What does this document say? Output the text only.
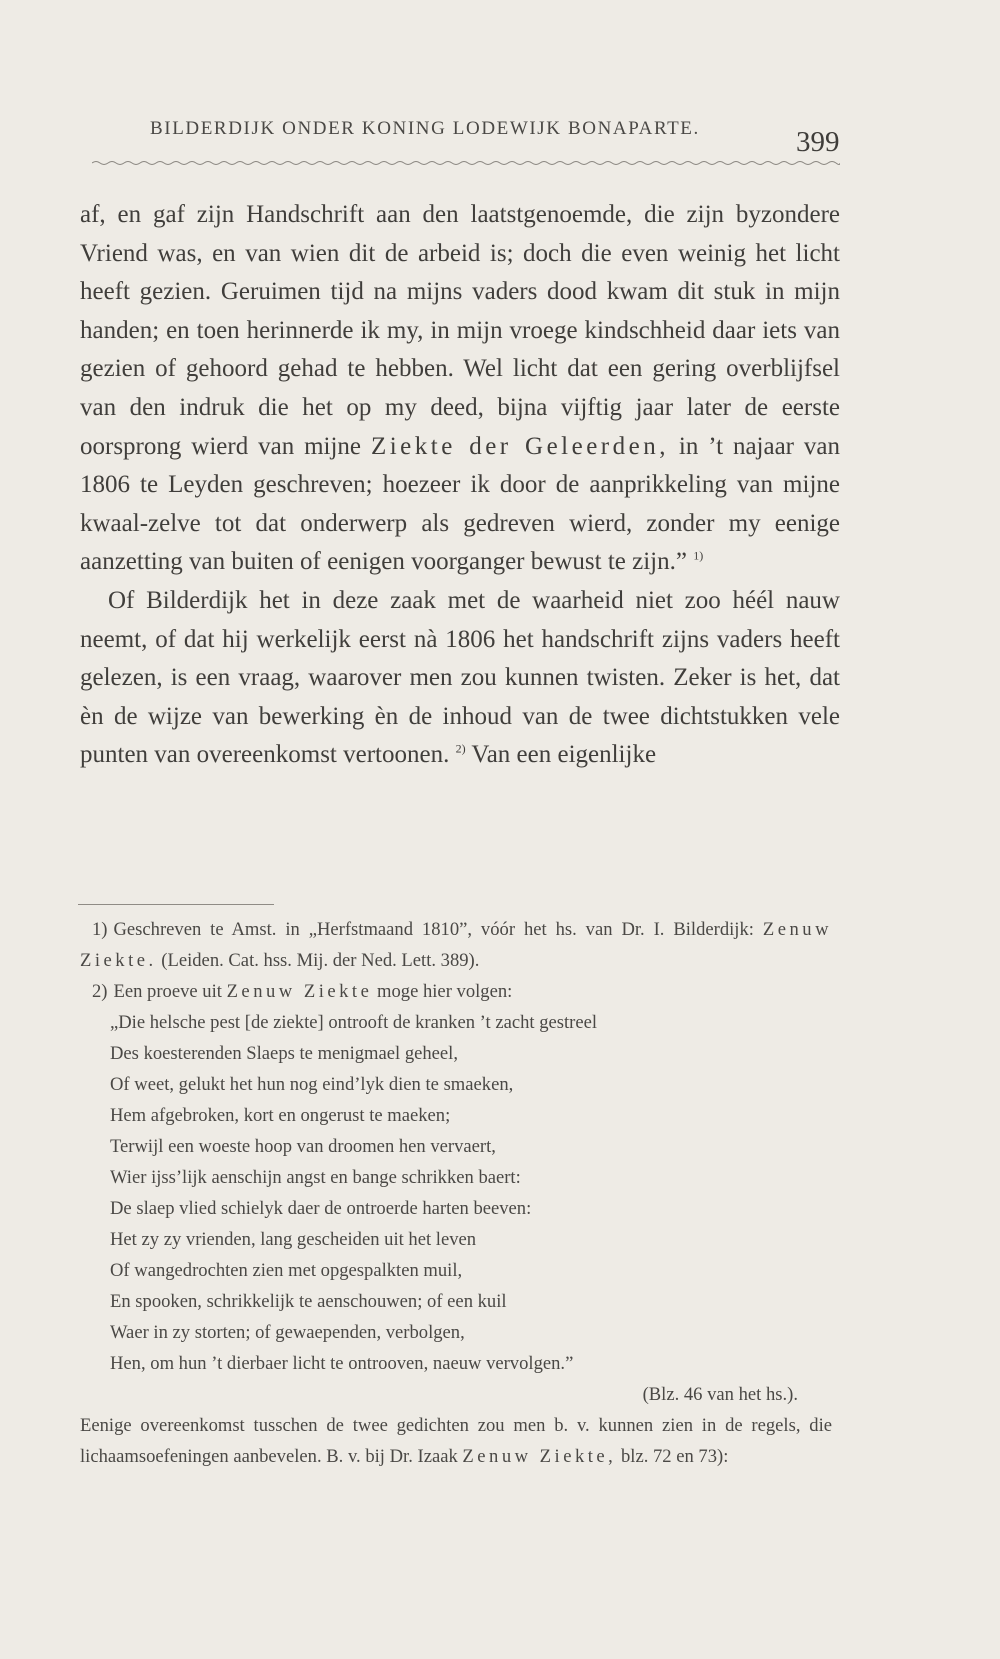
BILDERDIJK ONDER KONING LODEWIJK BONAPARTE.	399

af, en gaf zijn Handschrift aan den laatstgenoemde, die zijn byzondere Vriend was, en van wien dit de arbeid is; doch die even weinig het licht heeft gezien. Geruimen tijd na mijns vaders dood kwam dit stuk in mijn handen; en toen herinnerde ik my, in mijn vroege kindschheid daar iets van gezien of gehoord gehad te hebben. Wel licht dat een gering overblijfsel van den indruk die het op my deed, bijna vijftig jaar later de eerste oorsprong wierd van mijne Ziekte der Geleerden, in ’t najaar van 1806 te Leyden geschreven; hoezeer ik door de aanprikkeling van mijne kwaal-zelve tot dat onderwerp als gedreven wierd, zonder my eenige aanzetting van buiten of eenigen voorganger bewust te zijn.” $^{1)}$

Of Bilderdijk het in deze zaak met de waarheid niet zoo héél nauw neemt, of dat hij werkelijk eerst nà 1806 het handschrift zijns vaders heeft gelezen, is een vraag, waarover men zou kunnen twisten. Zeker is het, dat èn de wijze van bewerking èn de inhoud van de twee dichtstukken vele punten van overeenkomst vertoonen. $^{2)}$ Van een eigenlijke

1) Geschreven te Amst. in „Herfstmaand 1810”, vóór het hs. van Dr. I. Bilderdijk: Zenuw Ziekte. (Leiden. Cat. hss. Mij. der Ned. Lett. 389).

2) Een proeve uit Zenuw Ziekte moge hier volgen:

„Die helsche pest [de ziekte] ontrooft de kranken ’t zacht gestreel
Des koesterenden Slaeps te menigmael geheel,
Of weet, gelukt het hun nog eind’lyk dien te smaeken,
Hem afgebroken, kort en ongerust te maeken;
Terwijl een woeste hoop van droomen hen vervaert,
Wier ijss’lijk aenschijn angst en bange schrikken baert:
De slaep vlied schielyk daer de ontroerde harten beeven:
Het zy zy vrienden, lang gescheiden uit het leven
Of wangedrochten zien met opgespalkten muil,
En spooken, schrikkelijk te aenschouwen; of een kuil
Waer in zy storten; of gewaependen, verbolgen,
Hen, om hun ’t dierbaer licht te ontrooven, naeuw vervolgen.”
(Blz. 46 van het hs.).

Eenige overeenkomst tusschen de twee gedichten zou men b. v. kunnen zien in de regels, die lichaamsoefeningen aanbevelen. B. v. bij Dr. Izaak Zenuw Ziekte, blz. 72 en 73):
